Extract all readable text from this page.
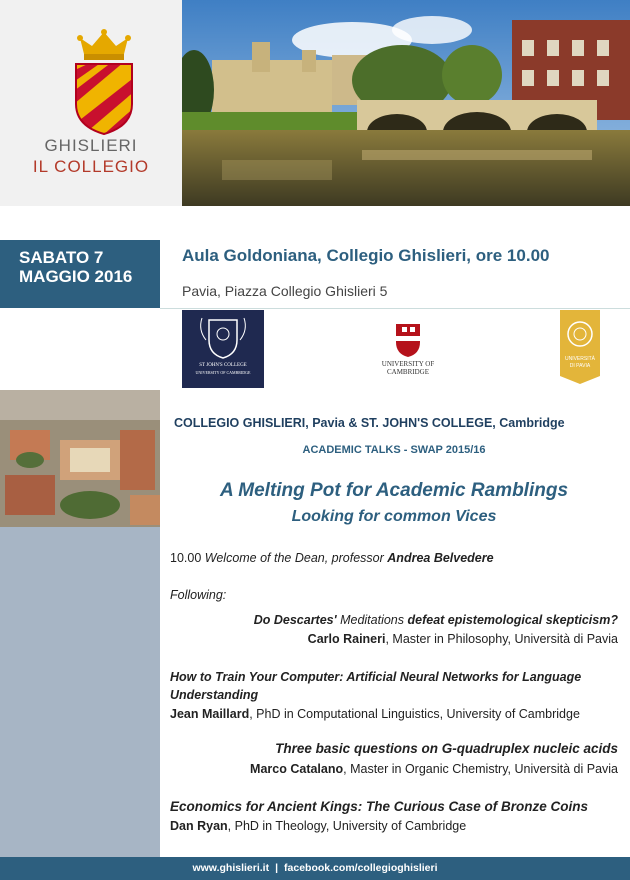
GHISLIERI
IL COLLEGIO
SABATO 7
MAGGIO 2016
Aula Goldoniana, Collegio Ghislieri, ore 10.00
Pavia, Piazza Collegio Ghislieri 5
ST JOHN'S COLLEGE
UNIVERSITY OF CAMBRIDGE
UNIVERSITY OF
CAMBRIDGE
UNIVERSITÀ
DI PAVIA
COLLEGIO GHISLIERI, Pavia & ST. JOHN'S COLLEGE, Cambridge
ACADEMIC TALKS - SWAP 2015/16
A Melting Pot for Academic Ramblings
Looking for common Vices
10.00 Welcome of the Dean, professor Andrea Belvedere
Following:
Do Descartes' Meditations defeat epistemological skepticism?
Carlo Raineri, Master in Philosophy, Università di Pavia
How to Train Your Computer: Artificial Neural Networks for Language
Understanding
Jean Maillard, PhD in Computational Linguistics, University of Cambridge
Three basic questions on G-quadruplex nucleic acids
Marco Catalano, Master in Organic Chemistry, Università di Pavia
Economics for Ancient Kings: The Curious Case of Bronze Coins
Dan Ryan, PhD in Theology, University of Cambridge
www.ghislieri.it | facebook.com/collegioghislieri
